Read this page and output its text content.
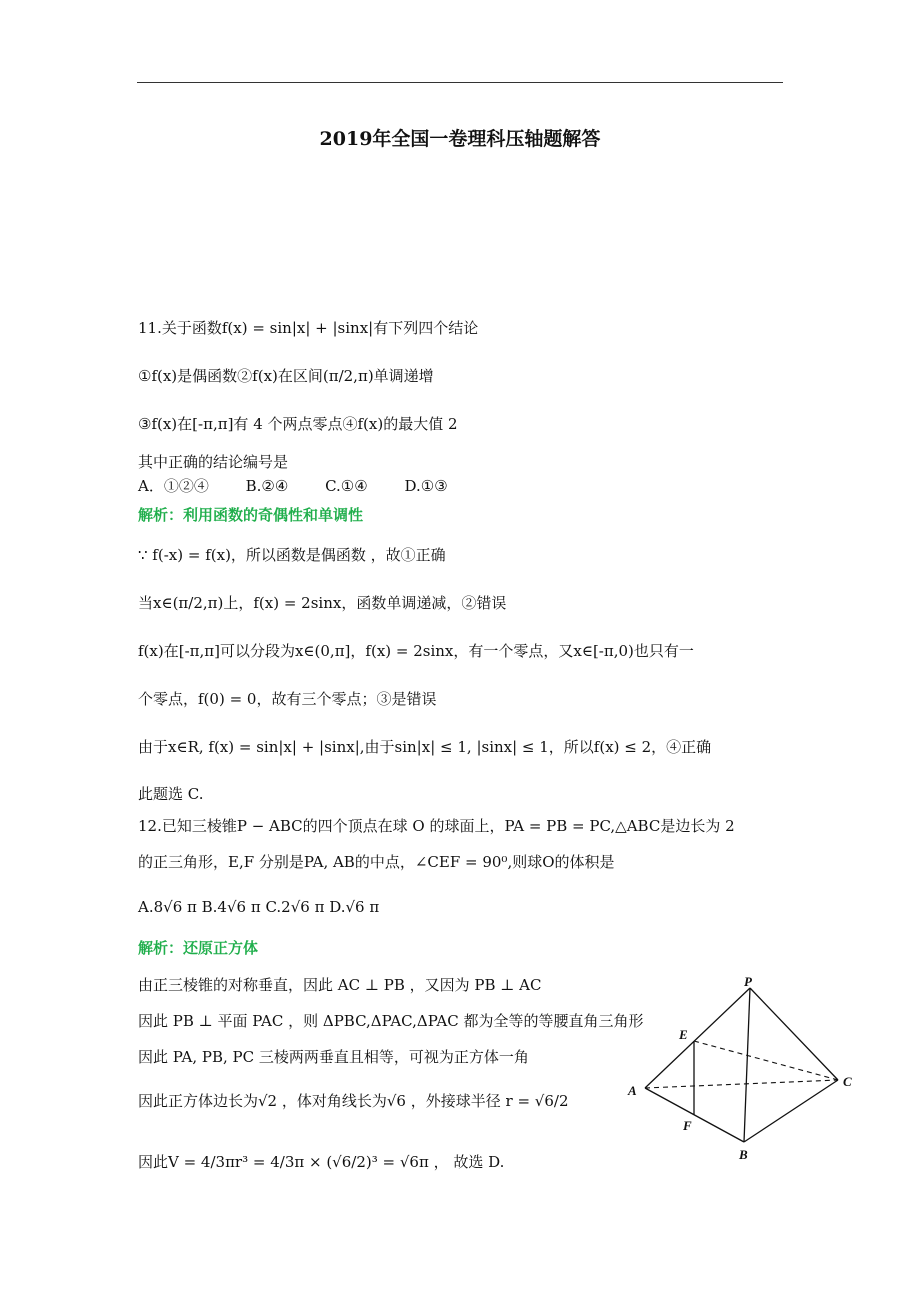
2019年全国一卷理科压轴题解答
11.关于函数f(x) = sin|x| + |sinx|有下列四个结论
①f(x)是偶函数②f(x)在区间(π/2,π)单调递增
③f(x)在[-π,π]有 4 个两点零点④f(x)的最大值 2
其中正确的结论编号是
A．①②④ B.②④ C.①④ D.①③
解析：利用函数的奇偶性和单调性
∵ f(-x) = f(x)，所以函数是偶函数 ，故①正确
当x∈(π/2,π)上，f(x) = 2sinx，函数单调递减，②错误
f(x)在[-π,π]可以分段为x∈(0,π]，f(x) = 2sinx，有一个零点，又x∈[-π,0)也只有一
个零点，f(0) = 0，故有三个零点；③是错误
由于x∈R, f(x) = sin|x| + |sinx|,由于sin|x| ≤ 1, |sinx| ≤ 1，所以f(x) ≤ 2，④正确
此题选 C.
12.已知三棱锥P − ABC的四个顶点在球 O 的球面上，PA = PB = PC,△ABC是边长为 2
的正三角形，E,F 分别是PA, AB的中点，∠CEF = 90⁰,则球O的体积是
A.8√6 π B.4√6 π C.2√6 π D.√6 π
解析：还原正方体
由正三棱锥的对称垂直，因此 AC ⊥ PB ，又因为 PB ⊥ AC
因此 PB ⊥ 平面 PAC ，则 ΔPBC,ΔPAC,ΔPAC 都为全等的等腰直角三角形
因此 PA, PB, PC 三棱两两垂直且相等，可视为正方体一角
因此正方体边长为√2 ，体对角线长为√6 ，外接球半径 r = √6/2
因此V = 4/3πr³ = 4/3π × (√6/2)³ = √6π ， 故选 D.
P
E
A
C
F
B
